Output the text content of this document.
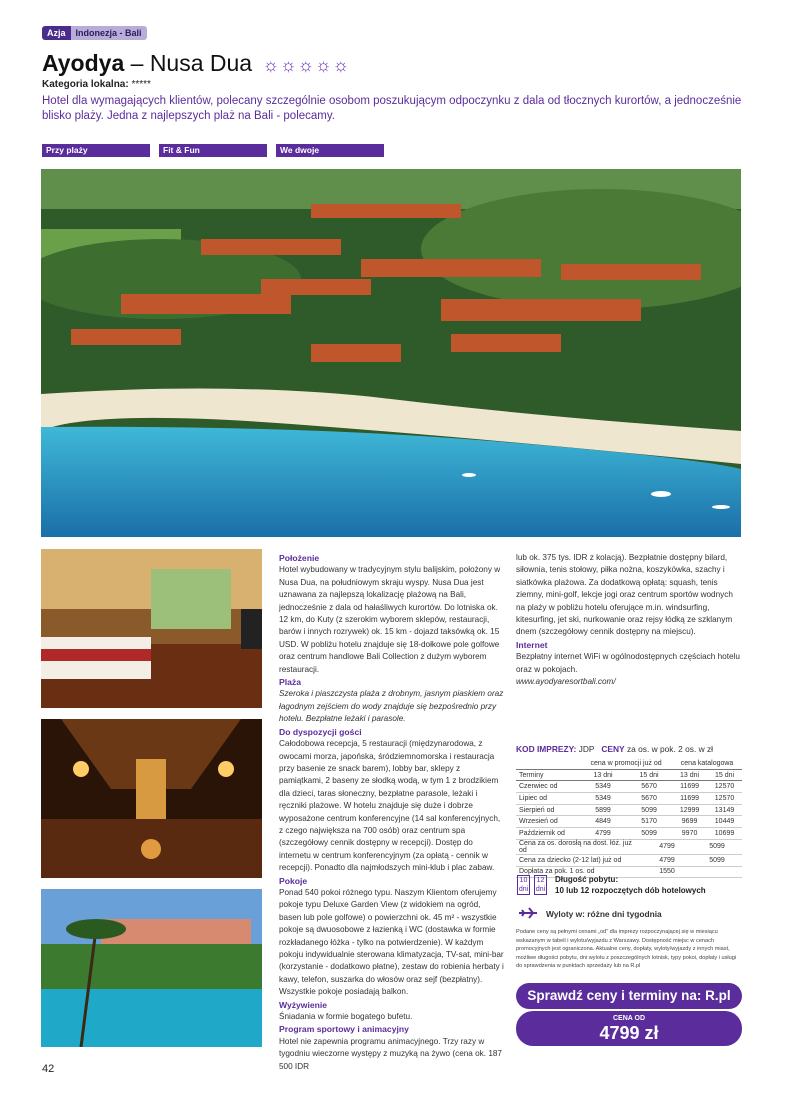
Azja	Indonezja - Bali
Ayodya – Nusa Dua ☼☼☼☼☼
Kategoria lokalna: *****
Hotel dla wymagających klientów, polecany szczególnie osobom poszukującym odpoczynku z dala od tłocznych kurortów, a jednocześnie blisko plaży. Jedna z najlepszych plaż na Bali - polecamy.
Przy plaży	Fit & Fun	We dwoje
Położenie

Hotel wybudowany w tradycyjnym stylu balijskim, położony w Nusa Dua, na południowym skraju wyspy. Nusa Dua jest uznawana za najlepszą lokalizację plażową na Bali, jednocześnie z dala od hałaśliwych kurortów. Do lotniska ok. 12 km, do Kuty (z szerokim wyborem sklepów, restauracji, barów i innych rozrywek) ok. 15 km - dojazd taksówką ok. 15 USD. W pobliżu hotelu znajduje się 18-dołkowe pole golfowe oraz centrum handlowe Bali Collection z dużym wyborem restauracji.

Plaża

Szeroka i piaszczysta plaża z drobnym, jasnym piaskiem oraz łagodnym zejściem do wody znajduje się bezpośrednio przy hotelu. Bezpłatne leżaki i parasole.

Do dyspozycji gości

Całodobowa recepcja, 5 restauracji (międzynarodowa, z owocami morza, japońska, śródziemnomorska i restauracja przy basenie ze snack barem), lobby bar, sklepy z pamiątkami, 2 baseny ze słodką wodą, w tym 1 z brodzikiem dla dzieci, taras słoneczny, bezpłatne parasole, leżaki i ręczniki plażowe. W hotelu znajduje się duże i dobrze wyposażone centrum konferencyjne (14 sal konferencyjnych, z czego największa na 700 osób) oraz centrum spa (szczegółowy cennik dostępny w recepcji). Dostęp do internetu w centrum konferencyjnym (za opłatą - cennik w recepcji). Ponadto dla najmłodszych mini-klub i plac zabaw.

Pokoje

Ponad 540 pokoi różnego typu. Naszym Klientom oferujemy pokoje typu Deluxe Garden View (z widokiem na ogród, basen lub pole golfowe) o powierzchni ok. 45 m² - wszystkie pokoje są dwuosobowe z łazienką i WC (dostawka w formie rozkładanego łóżka - tylko na potwierdzenie). W każdym pokoju indywidualnie sterowana klimatyzacja, TV-sat, mini-bar (korzystanie - dodatkowo płatne), zestaw do robienia herbaty i kawy, telefon, suszarka do włosów oraz sejf (bezpłatny). Wszystkie pokoje posiadają balkon.

Wyżywienie

Śniadania w formie bogatego bufetu.

Program sportowy i animacyjny

Hotel nie zapewnia programu animacyjnego. Trzy razy w tygodniu wieczorne występy z muzyką na żywo (cena ok. 187 500 IDR

lub ok. 375 tys. IDR z kolacją). Bezpłatnie dostępny bilard, siłownia, tenis stołowy, piłka nożna, koszykówka, szachy i siatkówka plażowa. Za dodatkową opłatą: squash, tenis ziemny, mini-golf, lekcje jogi oraz centrum sportów wodnych na plaży w pobliżu hotelu oferujące m.in. windsurfing, kitesurfing, jet ski, nurkowanie oraz rejsy łódką ze szklanym dnem (szczegółowy cennik dostępny na miejscu).

Internet

Bezpłatny internet WiFi w ogólnodostępnych częściach hotelu oraz w pokojach.

www.ayodyaresortbali.com/

KOD IMPREZY: JDP CENY za os. w pok. 2 os. w zł
	cena w promocji już od		cena katalogowa	
Terminy	13 dni	15 dni	13 dni	15 dni
Czerwiec od	5349	5670	11699	12570
Lipiec od	5349	5670	11699	12570
Sierpień od	5899	5099	12999	13149
Wrzesień od	4849	5170	9699	10449
Październik od	4799	5099	9970	10699
Cena za os. dorosłą na dost. łóż. już od	4799	5099
Cena za dziecko (2-12 lat) już od	4799	5099
Dopłata za pok. 1 os. od	1550	
10
dni
12
dni
Długość pobytu:
10 lub 12 rozpoczętych dób hotelowych
Wyloty w: różne dni tygodnia
Podane ceny są pełnymi cenami „od” dla imprezy rozpoczynającej się w miesiącu wskazanym w tabeli i wylotu/wyjazdu z Warszawy. Dostępność miejsc w cenach promocyjnych jest ograniczona. Aktualne ceny, dopłaty, wyloty/wyjazdy z innych miast, możliwe długości pobytu, dni wylotu z poszczególnych lotnisk, typy pokoi, dopłaty i usługi do sprawdzenia w punktach sprzedaży lub na R.pl
Sprawdź ceny i terminy na: R.pl
CENA OD
4799 zł
42
